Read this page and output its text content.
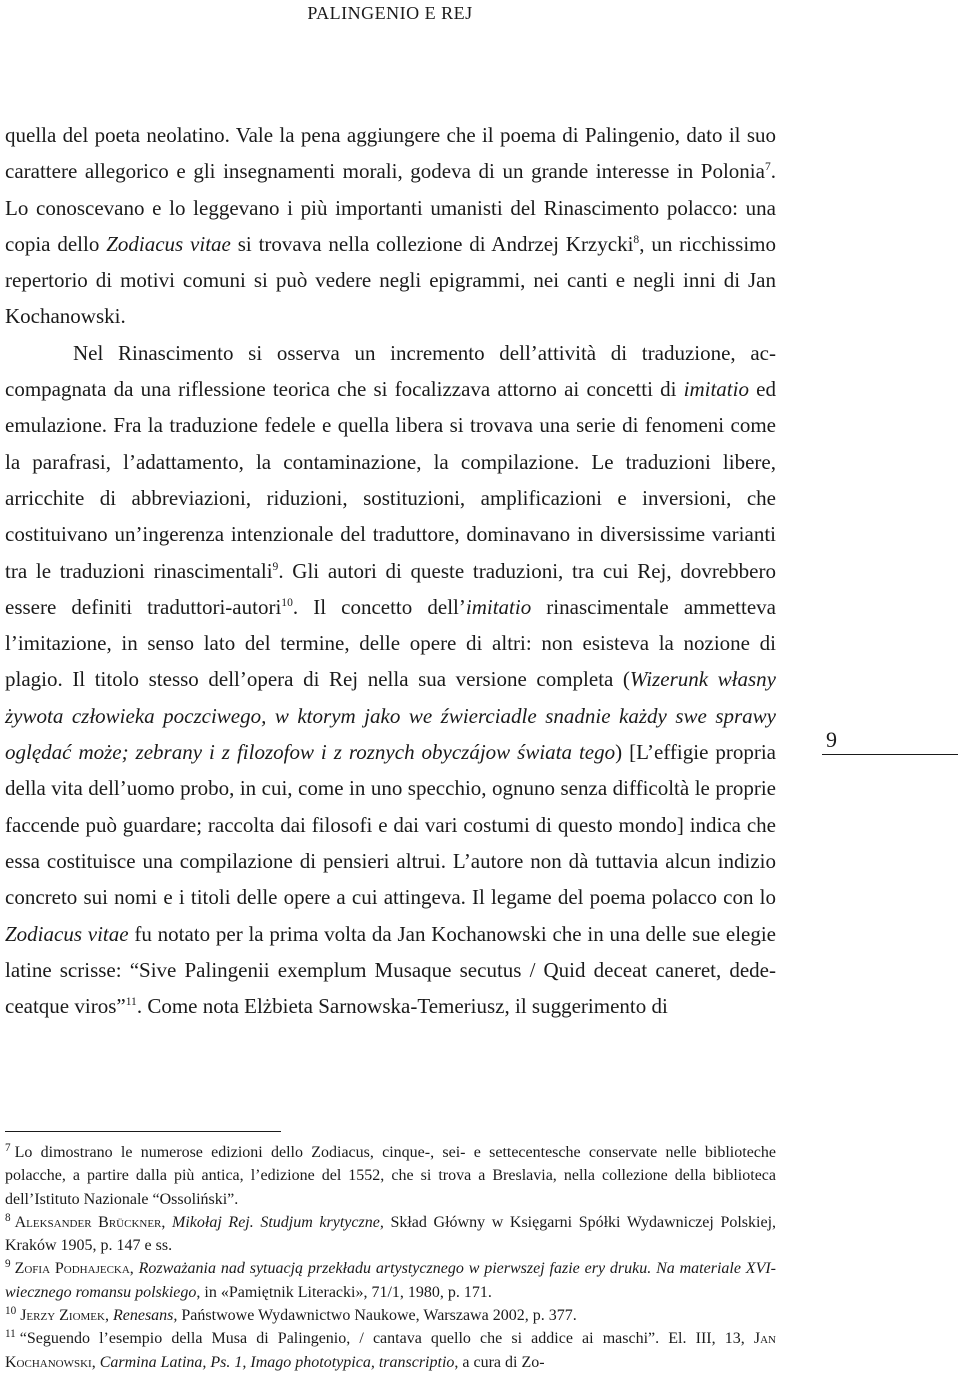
PALINGENIO E REJ

quella del poeta neolatino. Vale la pena aggiungere che il poema di Palingenio, dato il suo carattere allegorico e gli insegnamenti morali, godeva di un grande interesse in Polonia$^7$. Lo conoscevano e lo leggevano i più importanti umanisti del Rinascimento polacco: una copia dello Zodiacus vitae si trovava nella collezione di Andrzej Krzycki$^8$, un ricchissimo repertorio di motivi comuni si può vedere negli epigrammi, nei canti e negli inni di Jan Kochanowski.

Nel Rinascimento si osserva un incremento dell’attività di traduzione, accompagnata da una riflessione teorica che si focalizzava attorno ai concetti di imitatio ed emulazione. Fra la traduzione fedele e quella libera si trovava una serie di fenomeni come la parafrasi, l’adattamento, la contaminazione, la compilazione. Le traduzioni libere, arricchite di abbreviazioni, riduzioni, sostituzioni, amplificazioni e inversioni, che costituivano un’ingerenza intenzionale del traduttore, dominavano in diversissime varianti tra le traduzioni rinascimentali$^9$. Gli autori di queste traduzioni, tra cui Rej, dovrebbero essere definiti traduttori-autori$^{10}$. Il concetto dell’imitatio rinascimentale ammetteva l’imitazione, in senso lato del termine, delle opere di altri: non esisteva la nozione di plagio. Il titolo stesso dell’opera di Rej nella sua versione completa (Wizerunk własny żywota człowieka poczciwego, w ktorym jako we źwierciadle snadnie każdy swe sprawy oględać może; zebrany i z filozofow i z roznych obyczájow świata tego) [L’effigie propria della vita dell’uomo probo, in cui, come in uno specchio, ognuno senza difficoltà le proprie faccende può guardare; raccolta dai filosofi e dai vari costumi di questo mondo] indica che essa costituisce una compilazione di pensieri altrui. L’autore non dà tuttavia alcun indizio concreto sui nomi e i titoli delle opere a cui attingeva. Il legame del poema polacco con lo Zodiacus vitae fu notato per la prima volta da Jan Kochanowski che in una delle sue elegie latine scrisse: “Sive Palingenii exemplum Musaque secutus / Quid deceat caneret, dedeceatque viros”$^{11}$. Come nota Elżbieta Sarnowska-Temeriusz, il suggerimento di

9

$^7$ Lo dimostrano le numerose edizioni dello Zodiacus, cinque-, sei- e settecentesche conservate nelle biblioteche polacche, a partire dalla più antica, l’edizione del 1552, che si trova a Breslavia, nella collezione della biblioteca dell’Istituto Nazionale “Ossoliński”.

$^8$ Aleksander Brückner, Mikołaj Rej. Studjum krytyczne, Skład Główny w Księgarni Spółki Wydawniczej Polskiej, Kraków 1905, p. 147 e ss.

$^9$ Zofia Podhajecka, Rozważania nad sytuacją przekładu artystycznego w pierwszej fazie ery druku. Na materiale XVI-wiecznego romansu polskiego, in «Pamiętnik Literacki», 71/1, 1980, p. 171.

$^{10}$ Jerzy Ziomek, Renesans, Państwowe Wydawnictwo Naukowe, Warszawa 2002, p. 377.

$^{11}$ “Seguendo l’esempio della Musa di Palingenio, / cantava quello che si addice ai maschi”. El. III, 13, Jan Kochanowski, Carmina Latina, Ps. 1, Imago phototypica, transcriptio, a cura di Zo-
